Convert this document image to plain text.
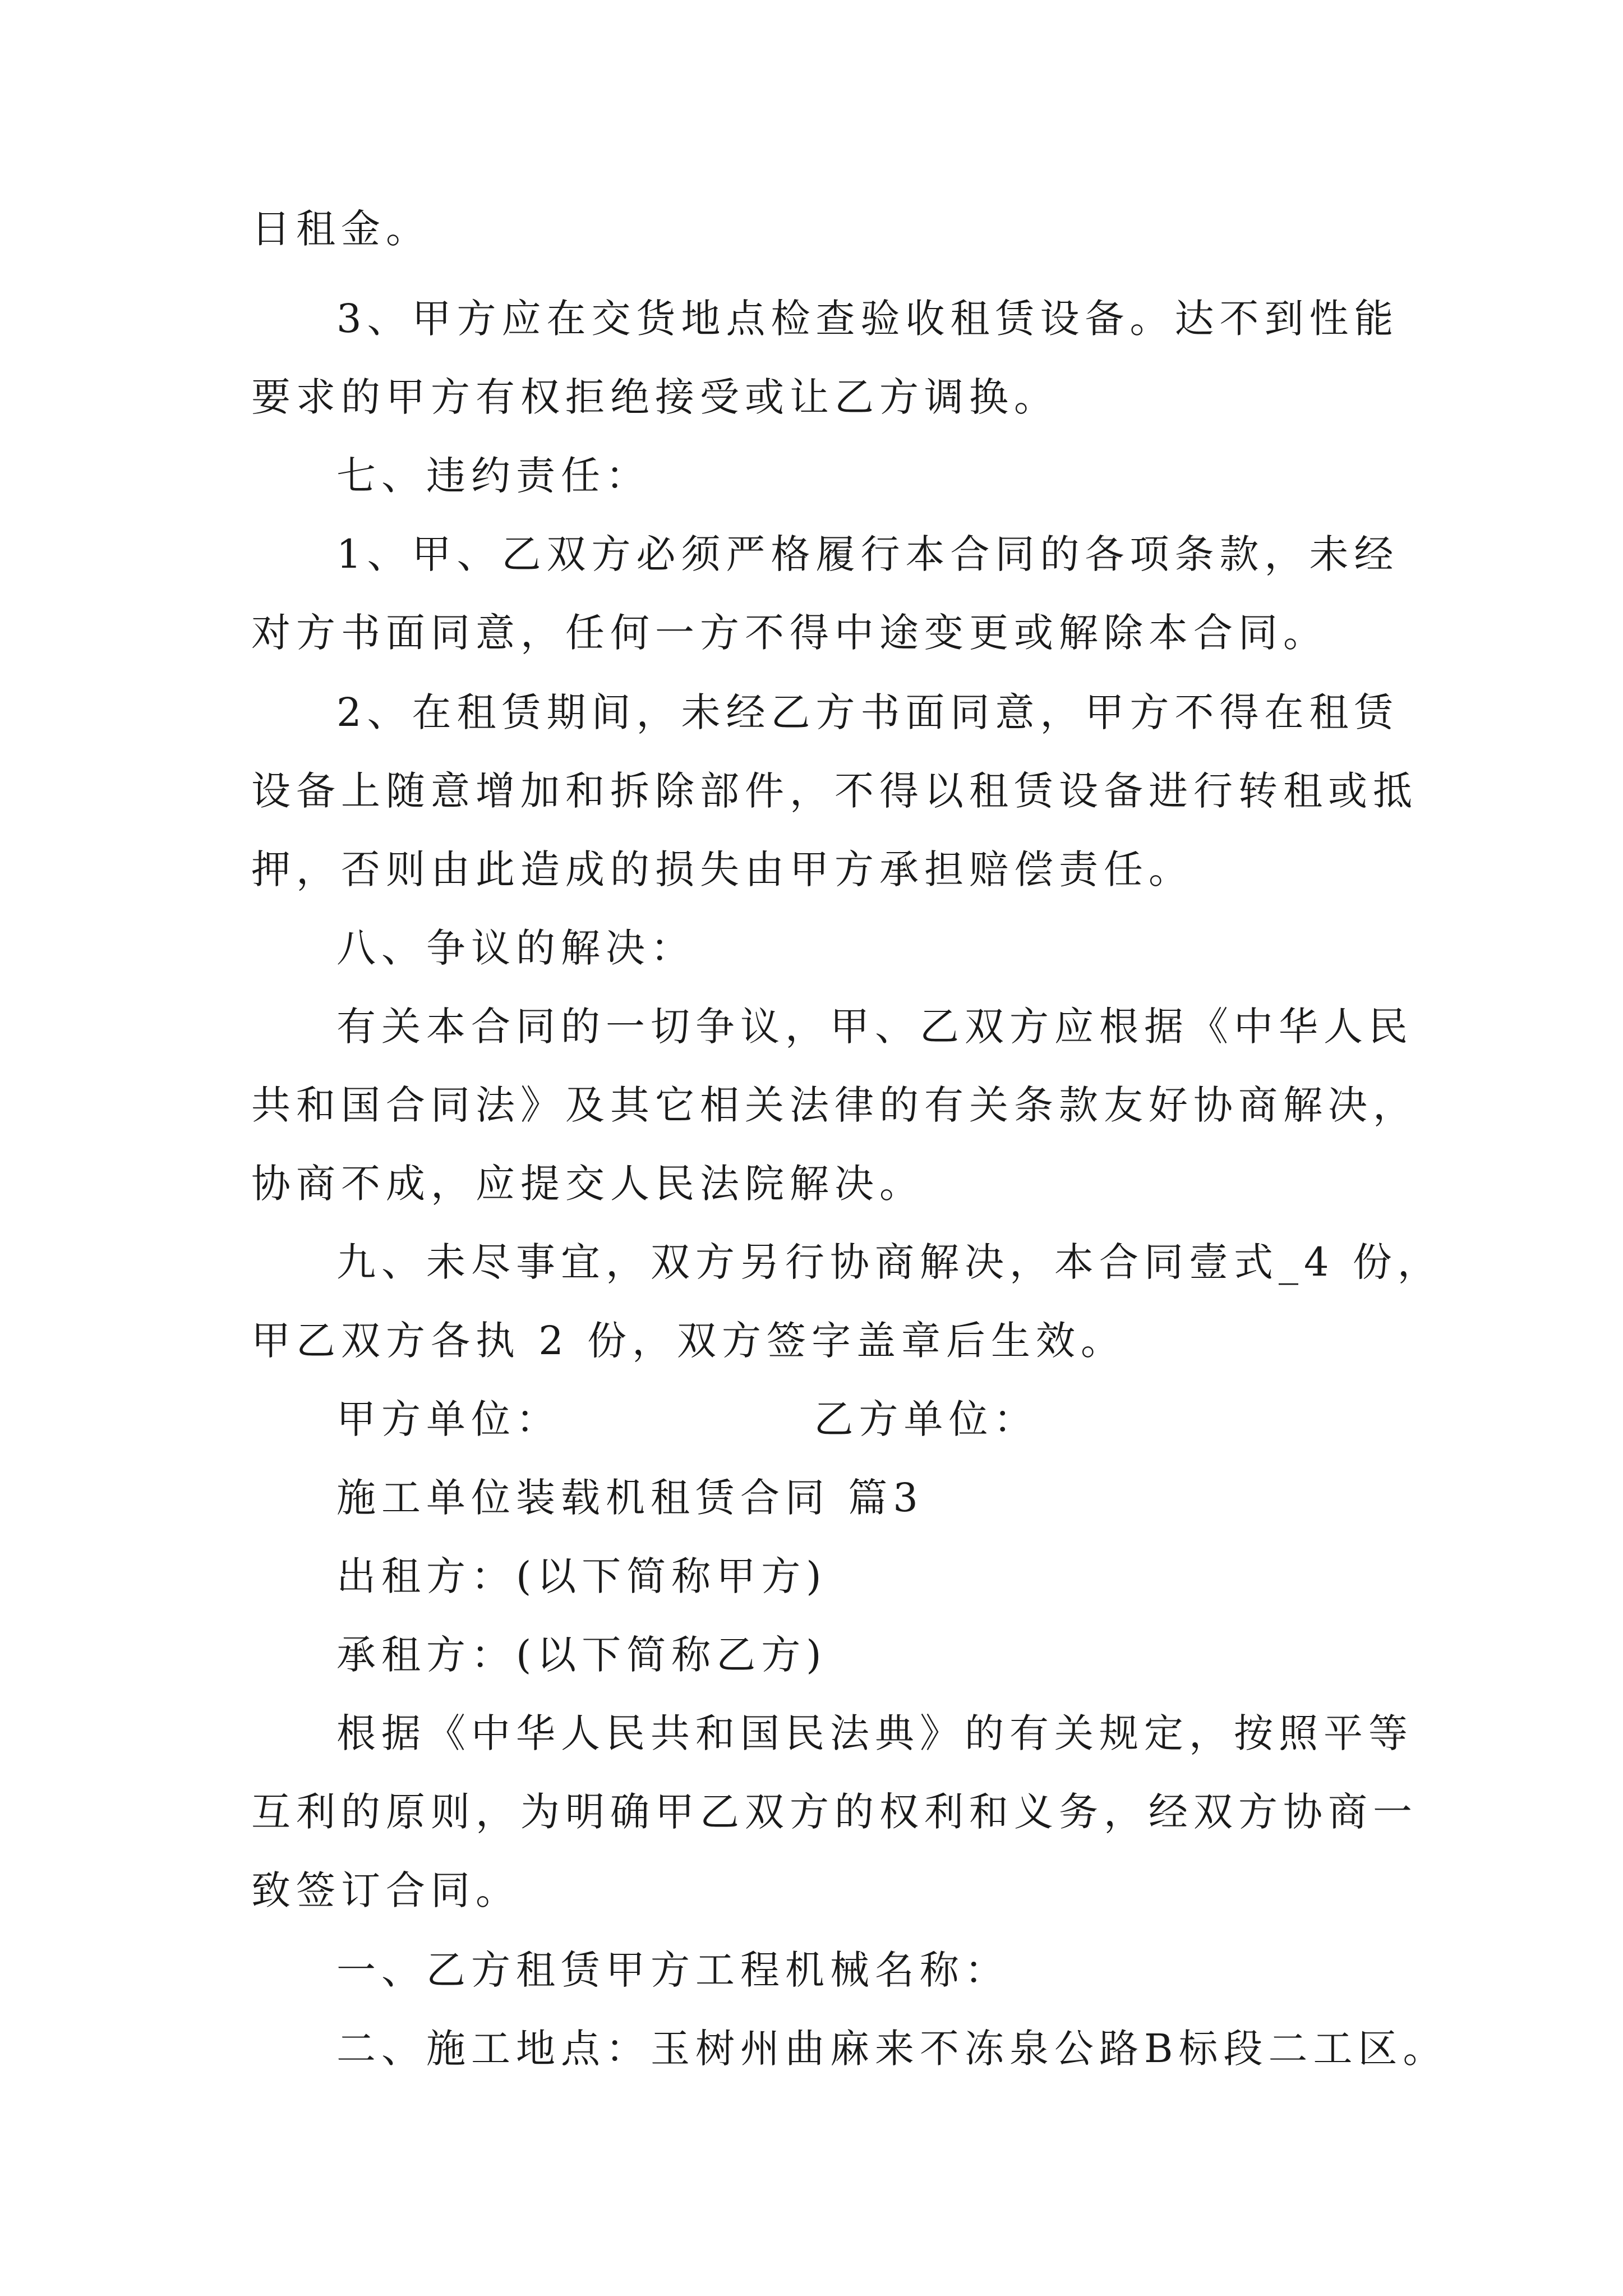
日租金。
3、甲方应在交货地点检查验收租赁设备。达不到性能
要求的甲方有权拒绝接受或让乙方调换。
七、违约责任：
1、甲、乙双方必须严格履行本合同的各项条款，未经
对方书面同意，任何一方不得中途变更或解除本合同。
2、在租赁期间，未经乙方书面同意，甲方不得在租赁
设备上随意增加和拆除部件，不得以租赁设备进行转租或抵
押，否则由此造成的损失由甲方承担赔偿责任。
八、争议的解决：
有关本合同的一切争议，甲、乙双方应根据《中华人民
共和国合同法》及其它相关法律的有关条款友好协商解决，
协商不成，应提交人民法院解决。
九、未尽事宜，双方另行协商解决，本合同壹式_4 份，
甲乙双方各执 2 份，双方签字盖章后生效。
甲方单位：              乙方单位：
施工单位装载机租赁合同 篇3
出租方：(以下简称甲方)
承租方：(以下简称乙方)
根据《中华人民共和国民法典》的有关规定，按照平等
互利的原则，为明确甲乙双方的权利和义务，经双方协商一
致签订合同。
一、乙方租赁甲方工程机械名称：
二、施工地点：玉树州曲麻来不冻泉公路B标段二工区。
